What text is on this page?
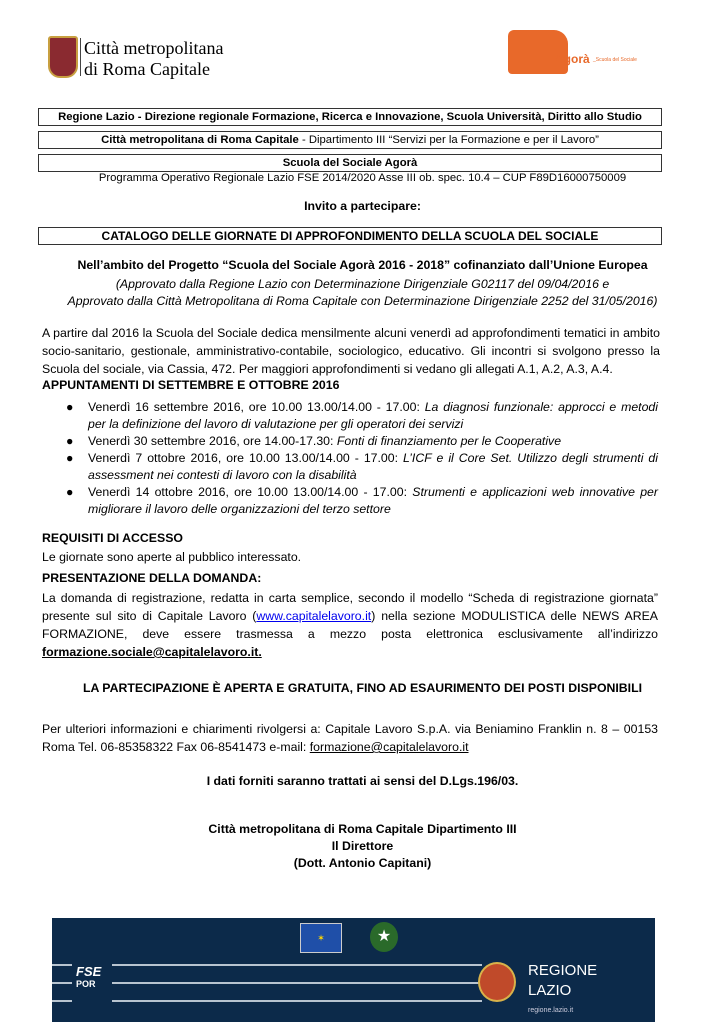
Città metropolitana
di Roma Capitale	Agorà _Scuola del Sociale
Regione Lazio - Direzione regionale Formazione, Ricerca e Innovazione, Scuola Università, Diritto allo Studio
Città metropolitana di Roma Capitale - Dipartimento III “Servizi per la Formazione e per il Lavoro”
Scuola del Sociale Agorà
Programma Operativo Regionale Lazio FSE 2014/2020 Asse III ob. spec. 10.4 – CUP F89D16000750009
Invito a partecipare:
CATALOGO DELLE GIORNATE DI APPROFONDIMENTO DELLA SCUOLA DEL SOCIALE
Nell’ambito del Progetto “Scuola del Sociale Agorà 2016 - 2018” cofinanziato dall’Unione Europea
(Approvato dalla Regione Lazio con Determinazione Dirigenziale G02117 del 09/04/2016 e
Approvato dalla Città Metropolitana di Roma Capitale con Determinazione Dirigenziale 2252 del 31/05/2016)
A partire dal 2016 la Scuola del Sociale dedica mensilmente alcuni venerdì ad approfondimenti tematici in ambito socio-sanitario, gestionale, amministrativo-contabile, sociologico, educativo. Gli incontri si svolgono presso la Scuola del sociale, via Cassia, 472. Per maggiori approfondimenti si vedano gli allegati A.1, A.2, A.3, A.4.
APPUNTAMENTI DI SETTEMBRE E OTTOBRE 2016
● Venerdì 16 settembre 2016, ore 10.00 13.00/14.00 - 17.00: La diagnosi funzionale: approcci e metodi per la definizione del lavoro di valutazione per gli operatori dei servizi
● Venerdì 30 settembre 2016, ore 14.00-17.30: Fonti di finanziamento per le Cooperative
● Venerdì 7 ottobre 2016, ore 10.00 13.00/14.00 - 17.00: L’ICF e il Core Set. Utilizzo degli strumenti di assessment nei contesti di lavoro con la disabilità
● Venerdì 14 ottobre 2016, ore 10.00 13.00/14.00 - 17.00: Strumenti e applicazioni web innovative per migliorare il lavoro delle organizzazioni del terzo settore
REQUISITI DI ACCESSO
Le giornate sono aperte al pubblico interessato.
PRESENTAZIONE DELLA DOMANDA:
La domanda di registrazione, redatta in carta semplice, secondo il modello “Scheda di registrazione giornata” presente sul sito di Capitale Lavoro (www.capitalelavoro.it) nella sezione MODULISTICA delle NEWS AREA FORMAZIONE, deve essere trasmessa a mezzo posta elettronica esclusivamente all’indirizzo formazione.sociale@capitalelavoro.it.
LA PARTECIPAZIONE È APERTA E GRATUITA, FINO AD ESAURIMENTO DEI POSTI DISPONIBILI
Per ulteriori informazioni e chiarimenti rivolgersi a: Capitale Lavoro S.p.A. via Beniamino Franklin n. 8 – 00153 Roma Tel. 06-85358322 Fax 06-8541473 e-mail: formazione@capitalelavoro.it
I dati forniti saranno trattati ai sensi del D.Lgs.196/03.
Città metropolitana di Roma Capitale Dipartimento III
Il Direttore
(Dott. Antonio Capitani)
✶	★
FSE
POR
REGIONE
LAZIO
regione.lazio.it
